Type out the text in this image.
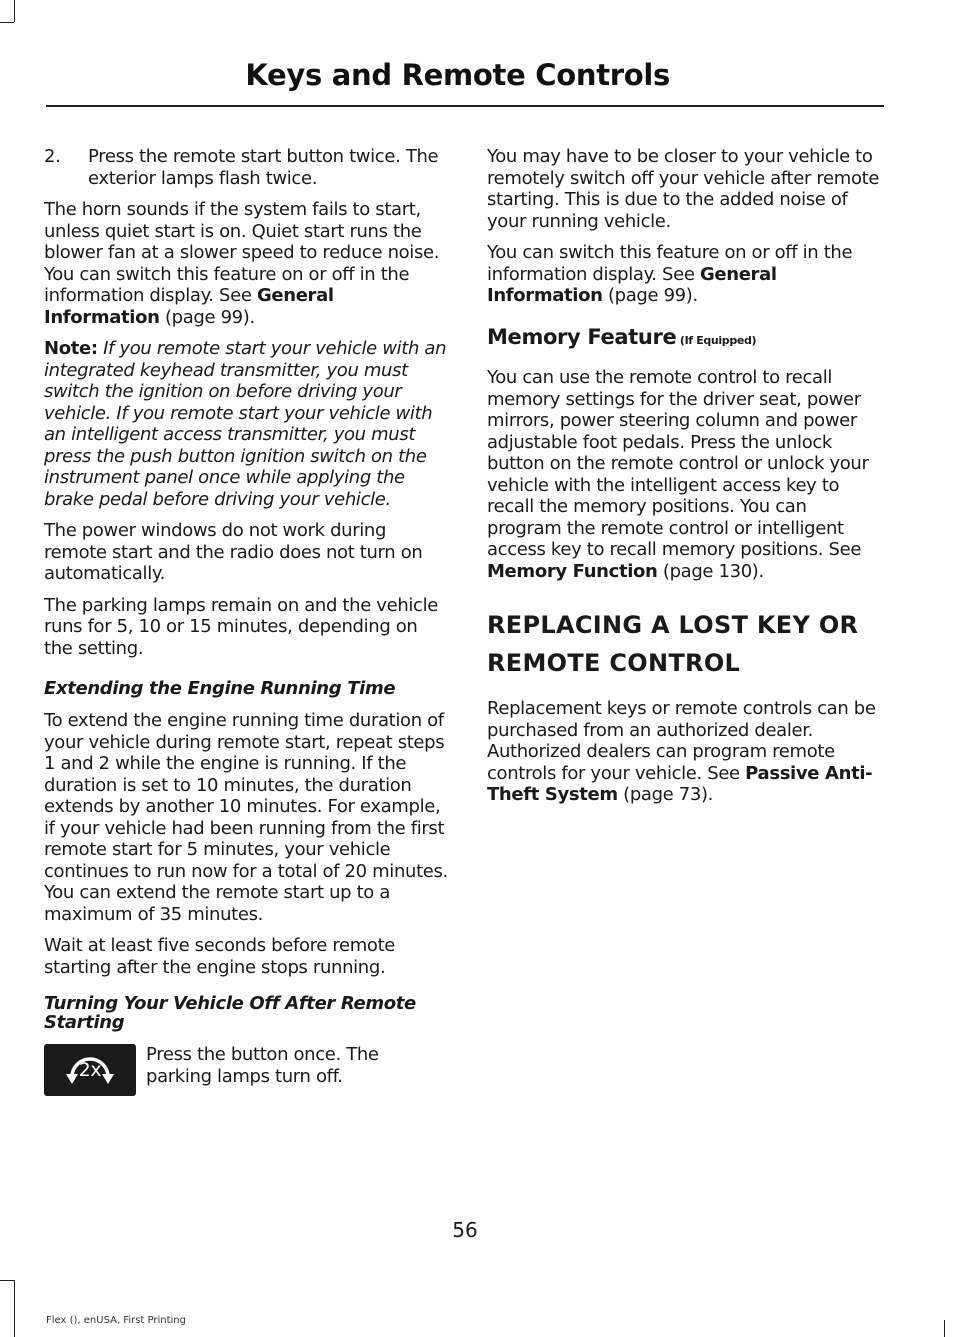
Keys and Remote Controls
2.	Press the remote start button twice. The exterior lamps flash twice.

The horn sounds if the system fails to start, unless quiet start is on. Quiet start runs the blower fan at a slower speed to reduce noise. You can switch this feature on or off in the information display. See General Information (page 99).

Note: If you remote start your vehicle with an integrated keyhead transmitter, you must switch the ignition on before driving your vehicle. If you remote start your vehicle with an intelligent access transmitter, you must press the push button ignition switch on the instrument panel once while applying the brake pedal before driving your vehicle.

The power windows do not work during remote start and the radio does not turn on automatically.

The parking lamps remain on and the vehicle runs for 5, 10 or 15 minutes, depending on the setting.

Extending the Engine Running Time

To extend the engine running time duration of your vehicle during remote start, repeat steps 1 and 2 while the engine is running. If the duration is set to 10 minutes, the duration extends by another 10 minutes. For example, if your vehicle had been running from the first remote start for 5 minutes, your vehicle continues to run now for a total of 20 minutes. You can extend the remote start up to a maximum of 35 minutes.

Wait at least five seconds before remote starting after the engine stops running.

Turning Your Vehicle Off After Remote Starting
2x

Press the button once. The parking lamps turn off.

You may have to be closer to your vehicle to remotely switch off your vehicle after remote starting. This is due to the added noise of your running vehicle.

You can switch this feature on or off in the information display. See General Information (page 99).

Memory Feature (If Equipped)

You can use the remote control to recall memory settings for the driver seat, power mirrors, power steering column and power adjustable foot pedals. Press the unlock button on the remote control or unlock your vehicle with the intelligent access key to recall the memory positions. You can program the remote control or intelligent access key to recall memory positions. See Memory Function (page 130).

REPLACING A LOST KEY OR
REMOTE CONTROL

Replacement keys or remote controls can be purchased from an authorized dealer. Authorized dealers can program remote controls for your vehicle. See Passive Anti-Theft System (page 73).

56
Flex (), enUSA, First Printing
